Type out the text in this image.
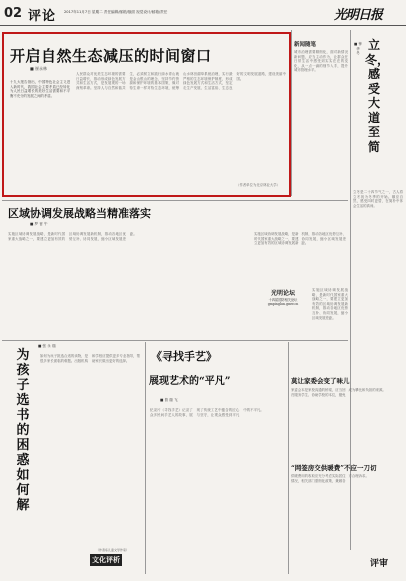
02 评论 2017年11月7日 星期二 责任编辑/邮箱/版面 视觉设计/邮箱/责任	光明日报
开启自然生态减压的时间窗口
■ 崔永林
十九大报告指出，中国特色社会主义进入新时代，我国社会主要矛盾已经转化为人民日益增长的美好生活需要和不平衡不充分的发展之间的矛盾。
人民群众对优美生态环境的需要日益增长，推动形成绿色发展方式和生活方式，是发展观的一场深刻革命。坚持人与自然和谐共生，必须树立和践行绿水青山就是金山银山的理念，坚持节约资源和保护环境的基本国策，像对待生命一样对待生态环境，统筹山水林田湖草系统治理，实行最严格的生态环境保护制度，形成绿色发展方式和生活方式，坚定走生产发展、生活富裕、生态良好的文明发展道路，建设美丽中国。
（作者单位为北京林业大学）
新闻随笔
城市治理需要精细化，面对新情况新问题，应当主动作为，让群众在日常生活中感受到实实在在的变化，从一点一滴的细节入手，提升城市管理水平。
■ 钟 华 冬
立冬，感受大道至简
立冬是二十四节气之一，古人将立冬视为冬季的开始。顺应自然，感受四时更替，在简朴中体会生活的真谛。
区域协调发展战略当精准落实
■ 罗 晋 午
实施区域协调发展战略，是新时代国家重大战略之一，要建立更加有效的区域协调发展新机制，推动各地区优势互补、协同发展，缩小区域发展差距。	实施区域协调发展战略，是新时代国家重大战略之一，要建立更加有效的区域协调发展新机制，推动各地区优势互补、协同发展，缩小区域发展差距。
光明论坛
十四届国防相关论坛
gmpinglun.gmw.cn
实施区域协调发展战略，是新时代国家重大战略之一，要建立更加有效的区域协调发展新机制，推动各地区优势互补、协同发展，缩小区域发展差距。
为孩子选书的困惑如何解
■ 张 永 瑞
如何为孩子挑选合适的读物，是很多家长面临的难题。出版机构和学校应提供更多专业指导，帮助家长做出更好的选择。
（作者系儿童文学作家）
文化评析
《寻找手艺》
展现艺术的“平凡”
■ 曾 瑞 飞
纪录片《寻找手艺》记录了众多民间手艺人的故事，展现了传统工艺中蕴含的匠心与坚守，让观众感受到平凡中的不平凡。
莫让家委会变了味儿
家委会本是家校沟通的桥梁，应当回归服务学生、协助学校的本位，避免成为攀比和负担的来源。
“网签房交供暖费”不应一刀切
供暖费用的收取应充分考虑实际居住情况，相关部门需细化政策，兼顾各方合理诉求。
评审
